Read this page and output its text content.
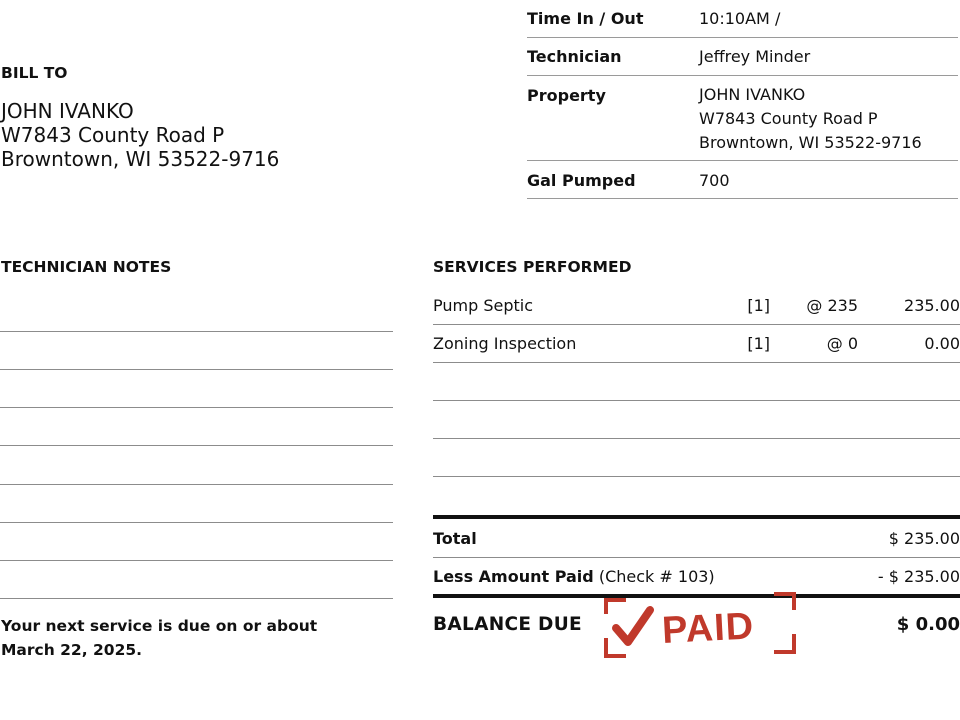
Time In / Out	10:10AM /
Technician	Jeffrey Minder
Property	JOHN IVANKO
W7843 County Road P
Browntown, WI 53522-9716
Gal Pumped	700
BILL TO
JOHN IVANKO
W7843 County Road P
Browntown, WI 53522-9716
TECHNICIAN NOTES
Your next service is due on or about
March 22, 2025.
SERVICES PERFORMED
Pump Septic	[1]	@ 235	235.00
Zoning Inspection	[1]	@ 0	0.00
Total	$ 235.00
Less Amount Paid (Check # 103)	- $ 235.00
BALANCE DUE	$ 0.00
PAID
